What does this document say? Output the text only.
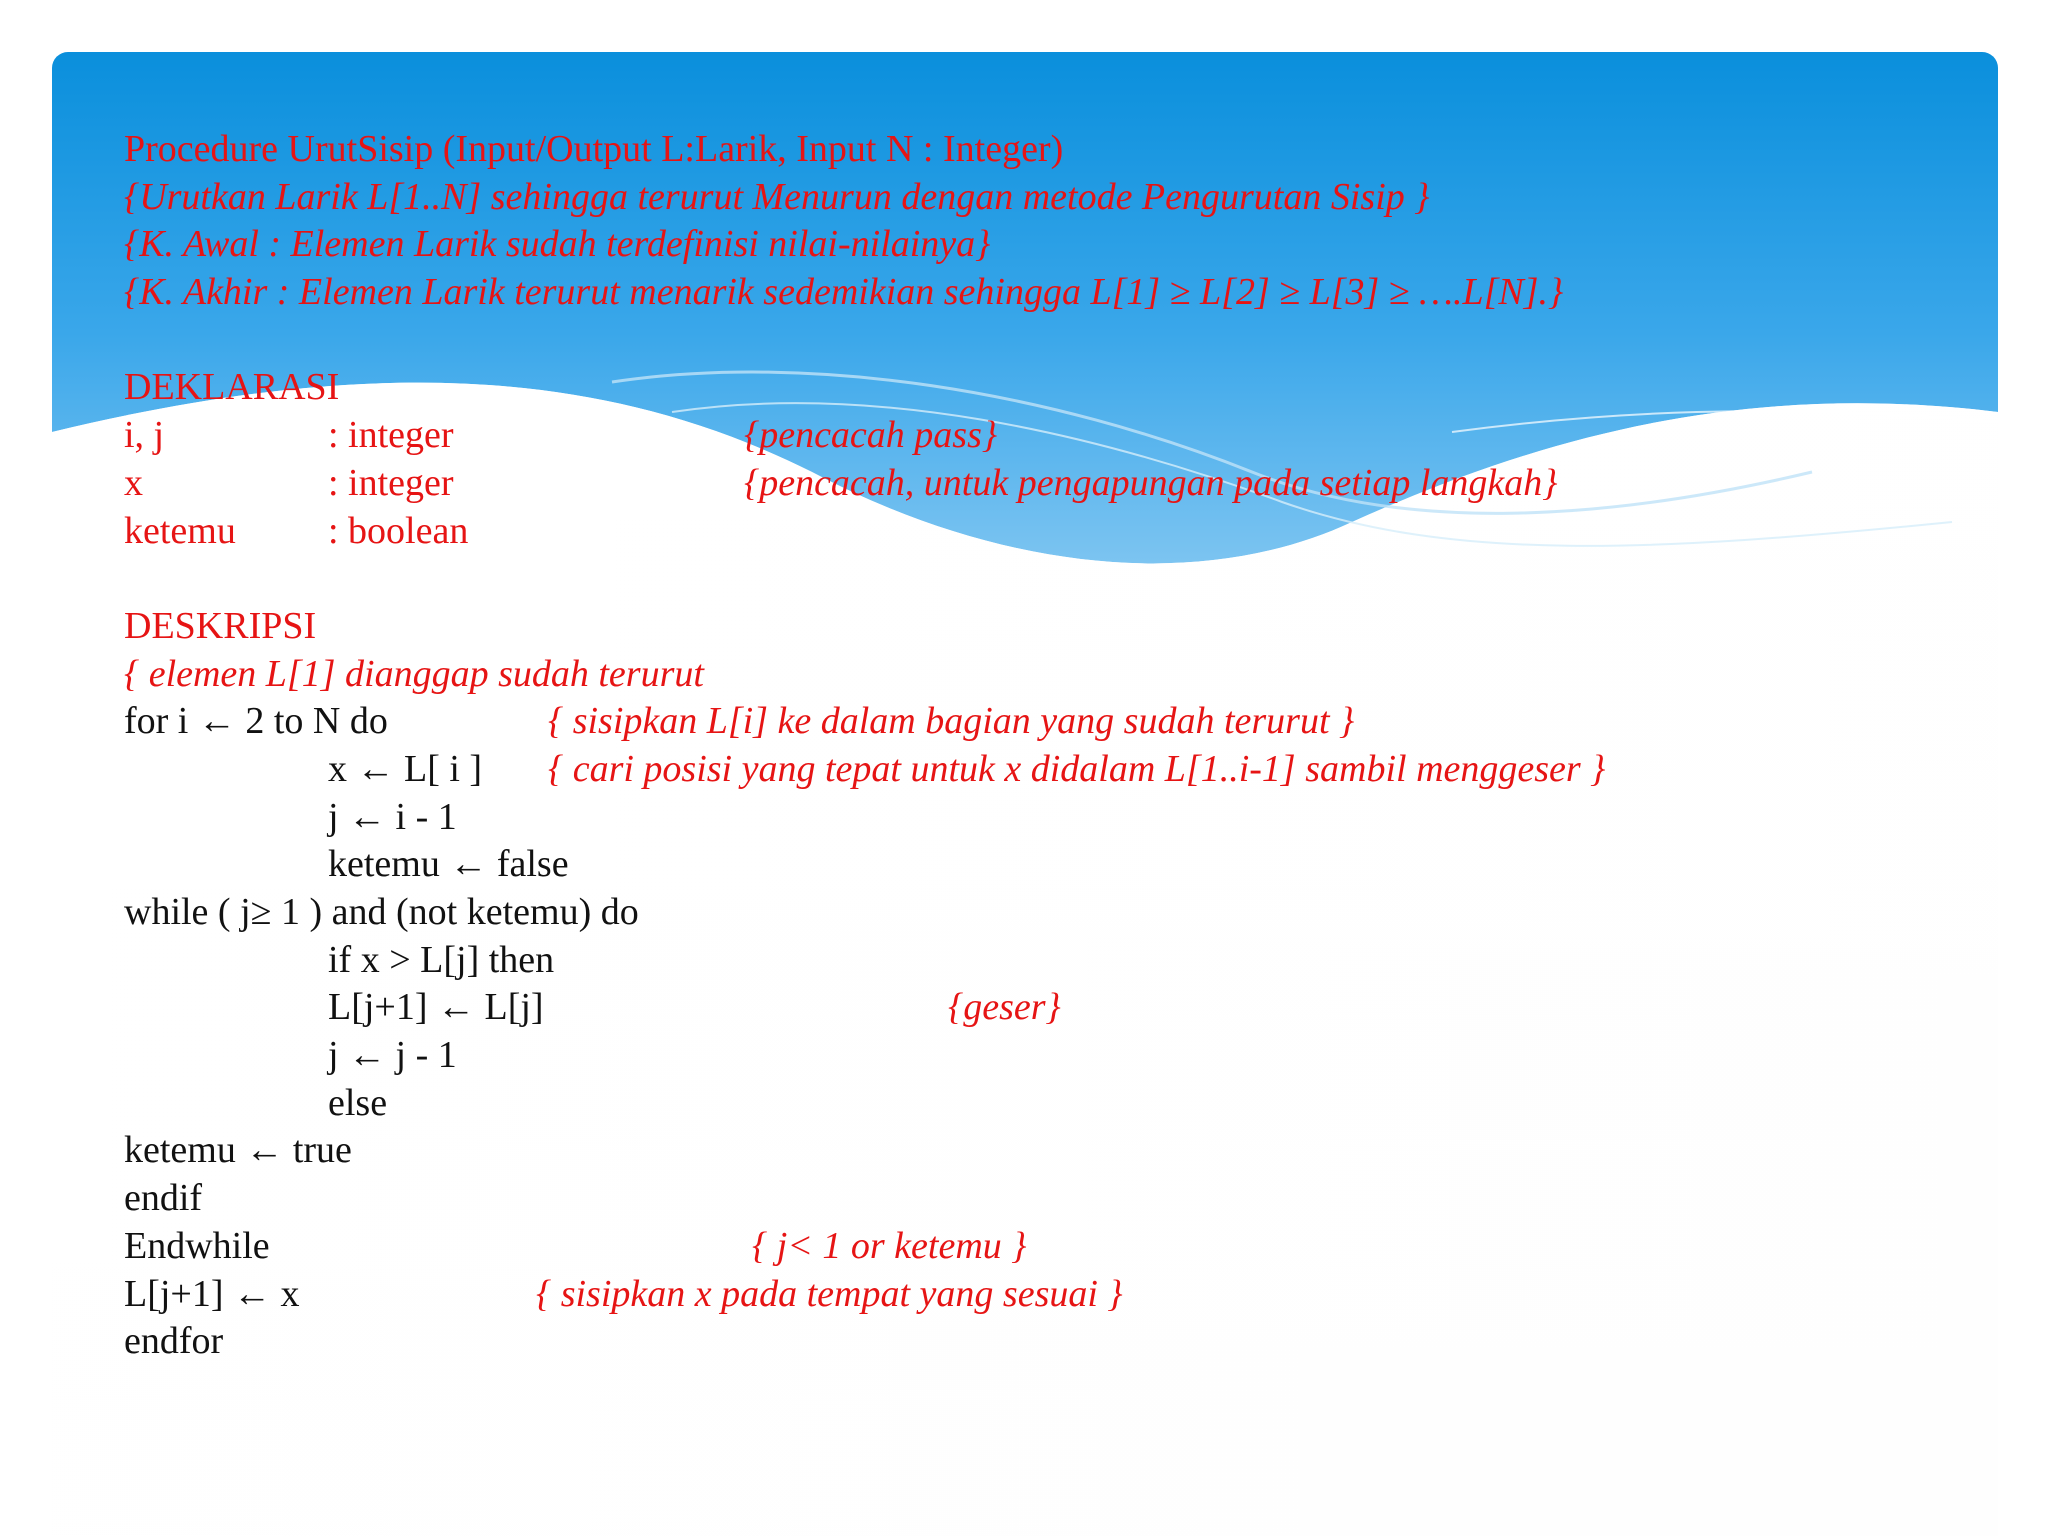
Procedure UrutSisip (Input/Output L:Larik, Input N : Integer)
{Urutkan Larik L[1..N] sehingga terurut Menurun dengan metode Pengurutan Sisip }
{K. Awal : Elemen Larik sudah terdefinisi nilai-nilainya}
{K. Akhir : Elemen Larik terurut menarik sedemikian sehingga L[1] ≥ L[2] ≥ L[3] ≥ ….L[N].}
DEKLARASI
i, j	: integer	{pencacah pass}
x	: integer	{pencacah, untuk pengapungan pada setiap langkah}
ketemu : boolean
DESKRIPSI
{ elemen L[1] dianggap sudah terurut
for i ← 2 to N do	{ sisipkan L[i] ke dalam bagian yang sudah terurut }
x ← L[ i ] { cari posisi yang tepat untuk x didalam L[1..i-1] sambil menggeser }
j ← i - 1
ketemu ← false
while ( j≥ 1 ) and (not ketemu) do
if x > L[j] then
L[j+1] ← L[j]	{geser}
j ← j - 1
else
ketemu ← true
endif
Endwhile	{ j< 1 or ketemu }
L[j+1] ← x	{ sisipkan x pada tempat yang sesuai }
endfor
